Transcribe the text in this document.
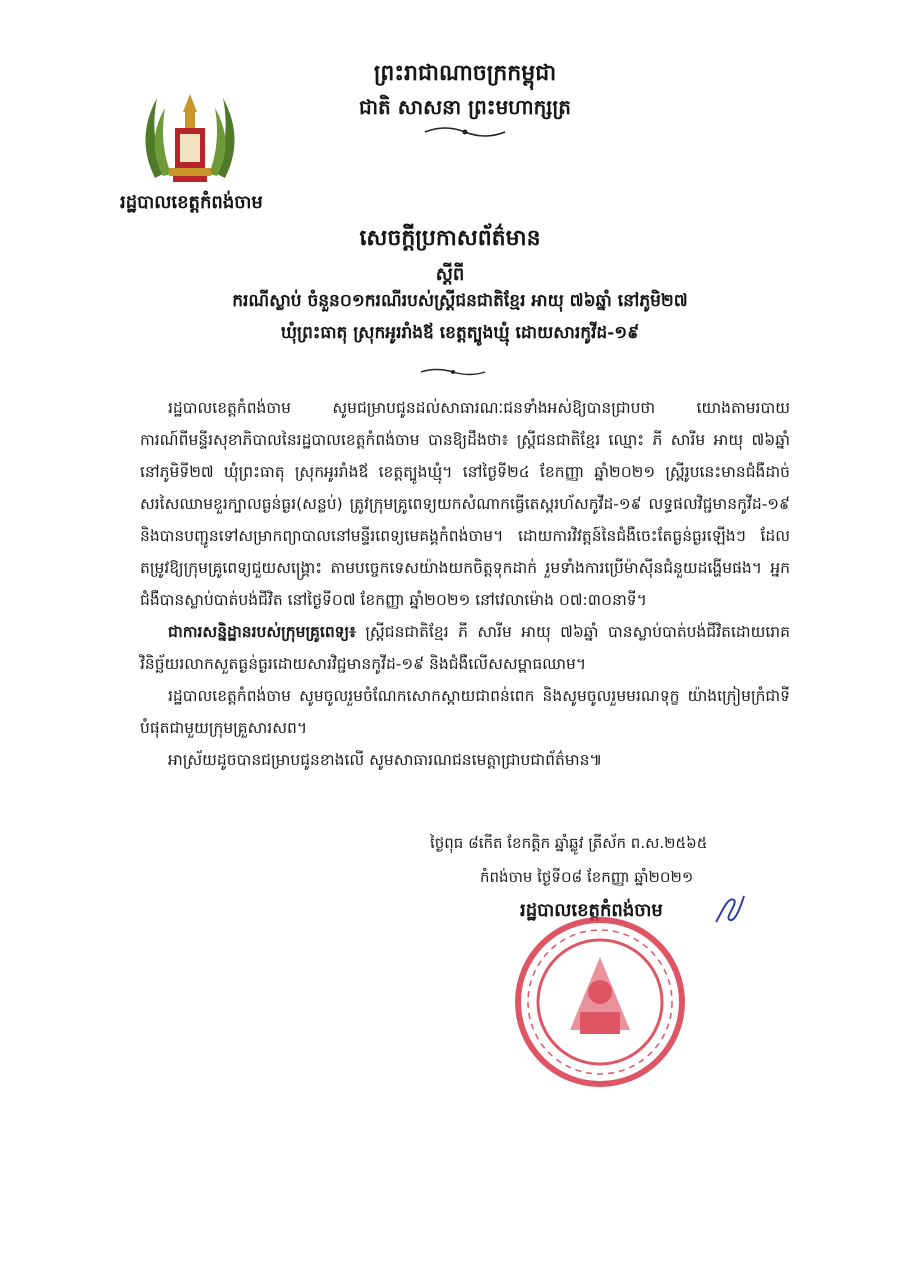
ព្រះរាជាណាចក្រកម្ពុជា
ជាតិ សាសនា ព្រះមហាក្សត្រ
រដ្ឋបាលខេត្តកំពង់ចាម
សេចក្តីប្រកាសព័ត៌មាន
ស្តីពី
ករណីស្លាប់ ចំនួន០១ករណីរបស់ស្ត្រីជនជាតិខ្មែរ អាយុ ៧៦ឆ្នាំ នៅភូមិ២៧
ឃុំព្រះធាតុ ស្រុកអូររាំងឪ ខេត្តត្បូងឃ្មុំ ដោយសារកូវីដ-១៩

រដ្ឋបាលខេត្តកំពង់ចាម សូមជម្រាបជូនដល់សាធារណៈជនទាំងអស់ឱ្យបានជ្រាបថា យោងតាមរបាយការណ៍ពីមន្ទីរសុខាភិបាលនៃរដ្ឋបាលខេត្តកំពង់ចាម បានឱ្យដឹងថា៖ ស្ត្រីជនជាតិខ្មែរ ឈ្មោះ ភី សារីម អាយុ ៧៦ឆ្នាំ នៅភូមិទី២៧ ឃុំព្រះធាតុ ស្រុកអូររាំងឪ ខេត្តត្បូងឃ្មុំ។ នៅថ្ងៃទី២៤ ខែកញ្ញា ឆ្នាំ២០២១ ស្ត្រីរូបនេះមានជំងឺដាច់សរសៃឈាមខួរក្បាលធ្ងន់ធ្ងរ(សន្លប់) ត្រូវក្រុមគ្រូពេទ្យយកសំណាកធ្វើតេស្តរហ័សកូវីដ-១៩ លទ្ធផលវិជ្ជមានកូវីដ-១៩ និងបានបញ្ជូនទៅសម្រាកព្យាបាលនៅមន្ទីរពេទ្យមេគង្គកំពង់ចាម។ ដោយការវិវត្តន៍នៃជំងឺចេះតែធ្ងន់ធ្ងរឡើងៗ ដែលតម្រូវឱ្យក្រុមគ្រូពេទ្យជួយសង្គ្រោះ តាមបច្ចេកទេសយ៉ាងយកចិត្តទុកដាក់ រួមទាំងការប្រើម៉ាស៊ីនជំនួយដង្ហើមផង។ អ្នកជំងឺបានស្លាប់បាត់បង់ជីវិត នៅថ្ងៃទី០៧ ខែកញ្ញា ឆ្នាំ២០២១ នៅវេលាម៉ោង ០៧:៣០នាទី។

ជាការសន្និដ្ឋានរបស់ក្រុមគ្រូពេទ្យ៖ ស្ត្រីជនជាតិខ្មែរ ភី សារីម អាយុ ៧៦ឆ្នាំ បានស្លាប់បាត់បង់ជីវិតដោយរោគវិនិច្ឆ័យរលាកសួតធ្ងន់ធ្ងរដោយសារវិជ្ជមានកូវីដ-១៩ និងជំងឺលើសសម្ពាធឈាម។

រដ្ឋបាលខេត្តកំពង់ចាម សូមចូលរួមចំណែកសោកស្តាយជាពន់ពេក និងសូមចូលរួមមរណទុក្ខ យ៉ាងក្រៀមក្រំជាទីបំផុតជាមួយក្រុមគ្រួសារសព។

អាស្រ័យដូចបានជម្រាបជូនខាងលើ សូមសាធារណជនមេត្តាជ្រាបជាព័ត៌មាន៕

ថ្ងៃពុធ ៨កើត ខែកត្ដិក ឆ្នាំឆ្លូវ ត្រីស័ក ព.ស.២៥៦៥
កំពង់ចាម ថ្ងៃទី០៨ ខែកញ្ញា ឆ្នាំ២០២១
រដ្ឋបាលខេត្តកំពង់ចាម
